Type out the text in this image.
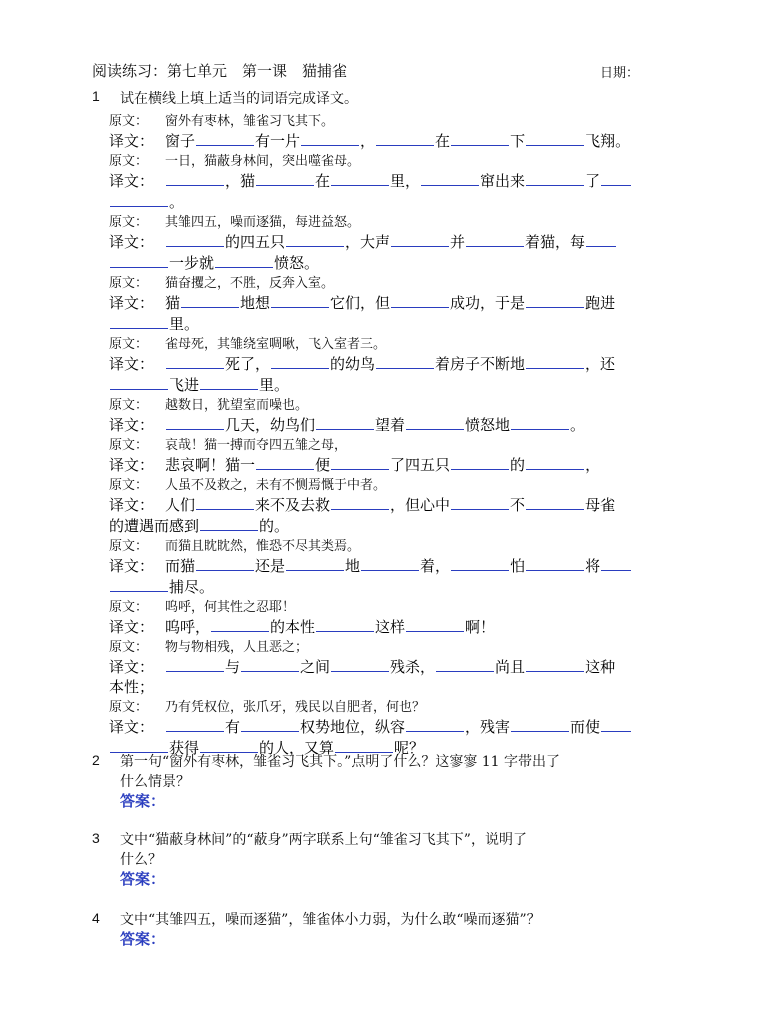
阅读练习：第七单元　第一课　猫捕雀	日期：
1 试在横线上填上适当的词语完成译文。
原文： 窗外有枣林，雏雀习飞其下。
译文： 窗子	有一片	，	在	下	飞翔。
原文： 一日，猫蔽身林间，突出噬雀母。
译文：	，猫	在	里，	窜出来	了
。
原文： 其雏四五，噪而逐猫，每进益怒。
译文：	的四五只	，大声	并	着猫，每
一步就	愤怒。
原文： 猫奋攫之，不胜，反奔入室。
译文： 猫	地想	它们，但	成功，于是	跑进
里。
原文： 雀母死，其雏绕室啁啾，飞入室者三。
译文：	死了，	的幼鸟	着房子不断地	，还
飞进	里。
原文： 越数日，犹望室而噪也。
译文：	几天，幼鸟们	望着	愤怒地	。
原文： 哀哉！猫一搏而夺四五雏之母，
译文： 悲哀啊！猫一	便	了四五只	的	，
原文： 人虽不及救之，未有不恻焉慨于中者。
译文： 人们	来不及去救	，但心中	不	母雀
的遭遇而感到	的。
原文： 而猫且眈眈然，惟恐不尽其类焉。
译文： 而猫	还是	地	着，	怕	将
捕尽。
原文： 呜呼，何其性之忍耶！
译文： 呜呼，	的本性	这样	啊！
原文： 物与物相残，人且恶之；
译文：	与	之间	残杀，	尚且	这种
本性；
原文： 乃有凭权位，张爪牙，残民以自肥者，何也？
译文：	有	权势地位，纵容	，残害	而使
获得	的人，又算	呢？
2 第一句“窗外有枣林，雏雀习飞其下。”点明了什么？这寥寥 11 字带出了
什么情景？
答案：
3 文中“猫蔽身林间”的“蔽身”两字联系上句“雏雀习飞其下”，说明了
什么？
答案：
4 文中“其雏四五，噪而逐猫”，雏雀体小力弱，为什么敢“噪而逐猫”？
答案：
